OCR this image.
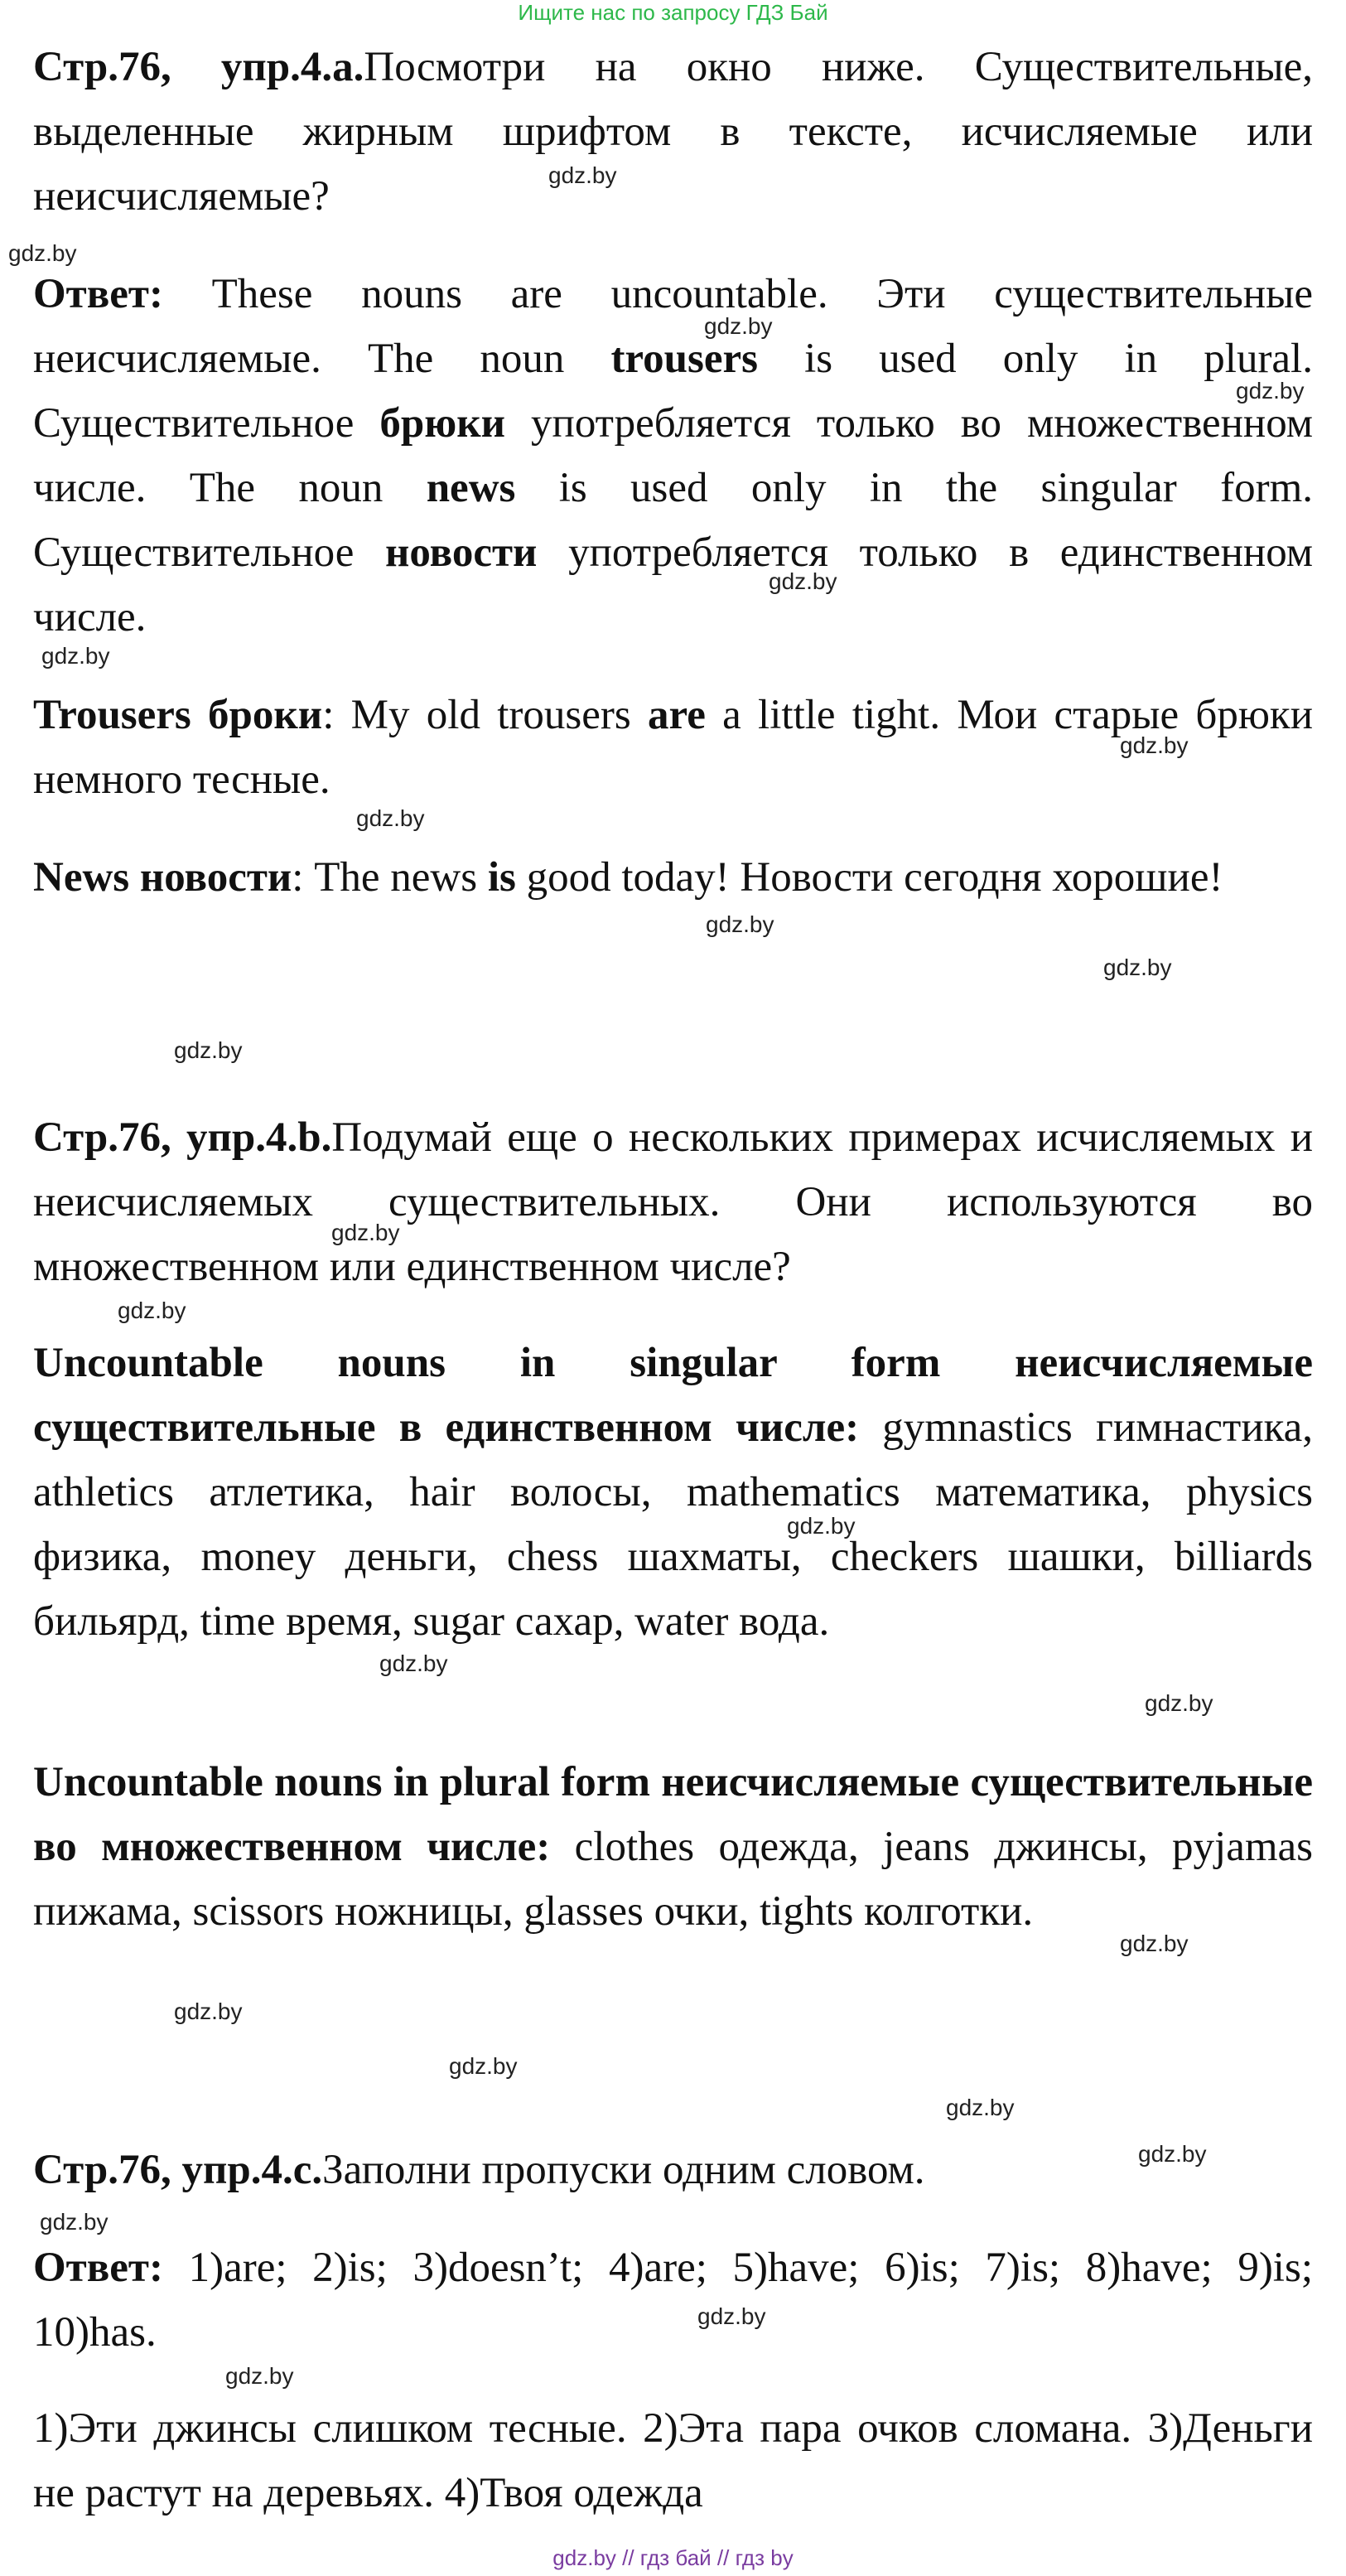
Ищите нас по запросу ГДЗ Бай
Стр.76, упр.4.a.Посмотри на окно ниже. Существительные, выделенные жирным шрифтом в тексте, исчисляемые или неисчисляемые?
Ответ: These nouns are uncountable. Эти существительные неисчисляемые. The noun trousers is used only in plural. Существительное брюки употребляется только во множественном числе. The noun news is used only in the singular form. Существительное новости употребляется только в единственном числе.
Trousers броки: My old trousers are a little tight. Мои старые брюки немного тесные.
News новости: The news is good today! Новости сегодня хорошие!
Стр.76, упр.4.b.Подумай еще о нескольких примерах исчисляемых и неисчисляемых существительных. Они используются во множественном или единственном числе?
Uncountable nouns in singular form неисчисляемые существительные в единственном числе: gymnastics гимнастика, athletics атлетика, hair волосы, mathematics математика, physics физика, money деньги, chess шахматы, checkers шашки, billiards бильярд, time время, sugar сахар, water вода.
Uncountable nouns in plural form неисчисляемые существительные во множественном числе: clothes одежда, jeans джинсы, pyjamas пижама, scissors ножницы, glasses очки, tights колготки.
Стр.76, упр.4.c.Заполни пропуски одним словом.
Ответ: 1)are; 2)is; 3)doesn’t; 4)are; 5)have; 6)is; 7)is; 8)have; 9)is; 10)has.
1)Эти джинсы слишком тесные. 2)Эта пара очков сломана. 3)Деньги не растут на деревьях. 4)Твоя одежда
gdz.by
gdz.by
gdz.by
gdz.by
gdz.by
gdz.by
gdz.by
gdz.by
gdz.by
gdz.by
gdz.by
gdz.by
gdz.by
gdz.by
gdz.by
gdz.by
gdz.by
gdz.by
gdz.by
gdz.by
gdz.by
gdz.by
gdz.by
gdz.by
gdz.by // гдз бай // гдз by
